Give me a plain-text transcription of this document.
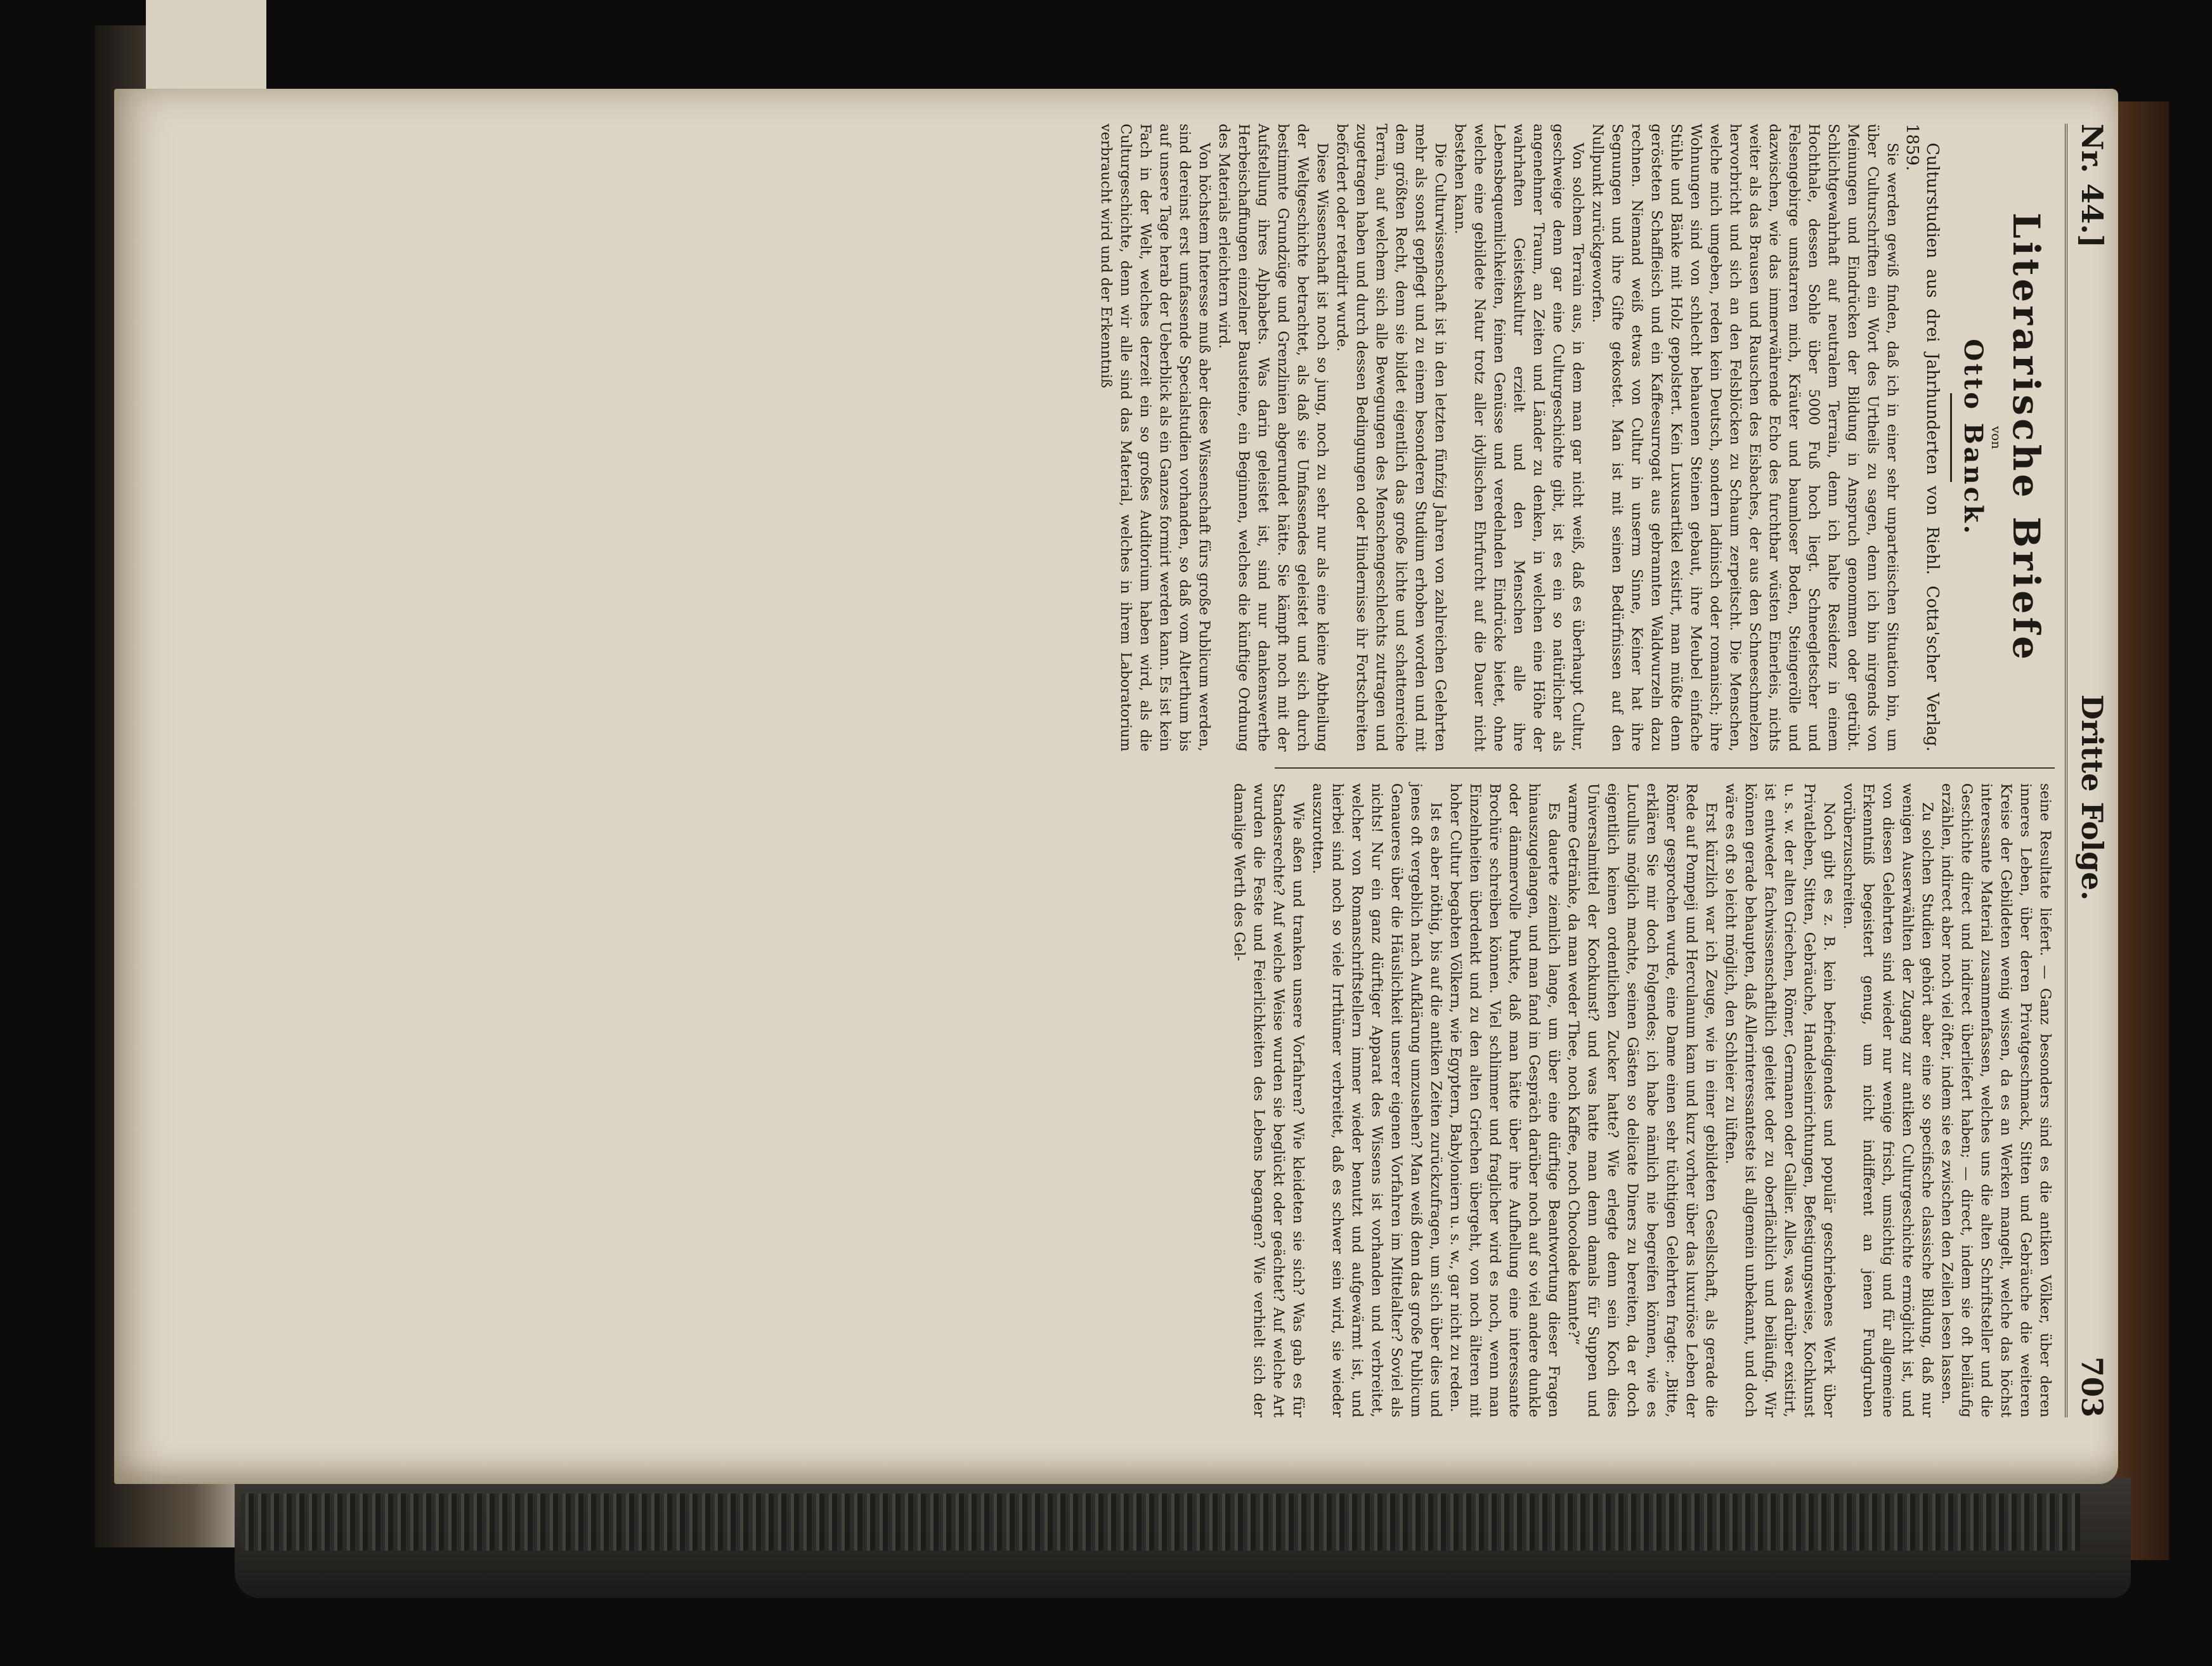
Nr. 44.]
Dritte Folge.
703
Literarische Briefe
von
Otto Banck.

Culturstudien aus drei Jahrhunderten von Riehl. Cotta'scher Verlag. 1859.

Sie werden gewiß finden, daß ich in einer sehr unparteiischen Situation bin, um über Culturschriften ein Wort des Urtheils zu sagen, denn ich bin nirgends von Meinungen und Eindrücken der Bildung in Anspruch genommen oder getrübt. Schlichtgewahrhaft auf neutralem Terrain, denn ich halte Residenz in einem Hochthale, dessen Sohle über 5000 Fuß hoch liegt. Schneegletscher und Felsengebirge umstarren mich, Kräuter und baumloser Boden, Steingerölle und dazwischen, wie das immerwährende Echo des furchtbar wüsten Einerleis, nichts weiter als das Brausen und Rauschen des Eisbaches, der aus den Schneeschmelzen hervorbricht und sich an den Felsblöcken zu Schaum zerpeitscht. Die Menschen, welche mich umgeben, reden kein Deutsch, sondern ladinisch oder romanisch; ihre Wohnungen sind von schlecht behauenen Steinen gebaut, ihre Meubel einfache Stühle und Bänke mit Holz gepolstert. Kein Luxusartikel existirt, man müßte denn gerösteten Schaffleisch und ein Kaffeesurrogat aus gebrannten Waldwurzeln dazu rechnen. Niemand weiß etwas von Cultur in unserm Sinne, Keiner hat ihre Segnungen und ihre Gifte gekostet. Man ist mit seinen Bedürfnissen auf den Nullpunkt zurückgeworfen.

Von solchem Terrain aus, in dem man gar nicht weiß, daß es überhaupt Cultur, geschweige denn gar eine Culturgeschichte gibt, ist es ein so natürlicher als angenehmer Traum, an Zeiten und Länder zu denken, in welchen eine Höhe der wahrhaften Geisteskultur erzielt und den Menschen alle ihre Lebensbequemlichkeiten, feinen Genüsse und veredelnden Eindrücke bietet, ohne welche eine gebildete Natur trotz aller idyllischen Ehrfurcht auf die Dauer nicht bestehen kann.

Die Culturwissenschaft ist in den letzten fünfzig Jahren von zahlreichen Gelehrten mehr als sonst gepflegt und zu einem besonderen Studium erhoben worden und mit dem größten Recht, denn sie bildet eigentlich das große lichte und schattenreiche Terrain, auf welchem sich alle Bewegungen des Menschengeschlechts zutragen und zugetragen haben und durch dessen Bedingungen oder Hindernisse ihr Fortschreiten befördert oder retardirt wurde.

Diese Wissenschaft ist noch so jung, noch zu sehr nur als eine kleine Abtheilung der Weltgeschichte betrachtet, als daß sie Umfassendes geleistet und sich durch bestimmte Grundzüge und Grenzlinien abgerundet hätte. Sie kämpft noch mit der Aufstellung ihres Alphabets. Was darin geleistet ist, sind nur dankenswerthe Herbeischaffungen einzelner Bausteine, ein Beginnen, welches die künftige Ordnung des Materials erleichtern wird.

Von höchstem Interesse muß aber diese Wissenschaft fürs große Publicum werden, sind dereinst erst umfassende Specialstudien vorhanden, so daß vom Alterthum bis auf unsere Tage herab der Ueberblick als ein Ganzes formirt werden kann. Es ist kein Fach in der Welt, welches derzeit ein so großes Auditorium haben wird, als die Culturgeschichte, denn wir alle sind das Material, welches in ihrem Laboratorium verbraucht wird und der Erkenntniß

seine Resultate liefert. — Ganz besonders sind es die antiken Völker, über deren inneres Leben, über deren Privatgeschmack, Sitten und Gebräuche die weiteren Kreise der Gebildeten wenig wissen, da es an Werken mangelt, welche das höchst interessante Material zusammenfassen, welches uns die alten Schriftsteller und die Geschichte direct und indirect überliefert haben; — direct, indem sie oft beiläufig erzählen, indirect aber noch viel öfter, indem sie es zwischen den Zeilen lesen lassen.

Zu solchen Studien gehört aber eine so specifische classische Bildung, daß nur wenigen Auserwählten der Zugang zur antiken Culturgeschichte ermöglicht ist, und von diesen Gelehrten sind wieder nur wenige frisch, umsichtig und für allgemeine Erkenntniß begeistert genug, um nicht indifferent an jenen Fundgruben vorüberzuschreiten.

Noch gibt es z. B. kein befriedigendes und populär geschriebenes Werk über Privatleben, Sitten, Gebräuche, Handelseinrichtungen, Befestigungsweise, Kochkunst u. s. w. der alten Griechen, Römer, Germanen oder Gallier. Alles, was darüber existirt, ist entweder fachwissenschaftlich geleitet oder zu oberflächlich und beiläufig. Wir können gerade behaupten, daß Allerinteressanteste ist allgemein unbekannt, und doch wäre es oft so leicht möglich, den Schleier zu lüften.

Erst kürzlich war ich Zeuge, wie in einer gebildeten Gesellschaft, als gerade die Rede auf Pompeji und Herculanum kam und kurz vorher über das luxuriöse Leben der Römer gesprochen wurde, eine Dame einen sehr tüchtigen Gelehrten fragte: „Bitte, erklären Sie mir doch Folgendes; ich habe nämlich nie begreifen können, wie es Lucullus möglich machte, seinen Gästen so delicate Diners zu bereiten, da er doch eigentlich keinen ordentlichen Zucker hatte? Wie erlegte denn sein Koch dies Universalmittel der Kochkunst? und was hatte man denn damals für Suppen und warme Getränke, da man weder Thee, noch Kaffee, noch Chocolade kannte?“

Es dauerte ziemlich lange, um über eine dürftige Beantwortung dieser Fragen hinauszugelangen, und man fand im Gespräch darüber noch auf so viel andere dunkle oder dämmervolle Punkte, daß man hätte über ihre Aufhellung eine interessante Brochüre schreiben können. Viel schlimmer und fraglicher wird es noch, wenn man Einzelnheiten überdenkt und zu den alten Griechen übergeht, von noch älteren mit hoher Cultur begabten Völkern, wie Egyptern, Babyloniern u. s. w., gar nicht zu reden.

Ist es aber nöthig, bis auf die antiken Zeiten zurückzufragen, um sich über dies und jenes oft vergeblich nach Aufklärung umzusehen? Man weiß denn das große Publicum Genaueres über die Häuslichkeit unserer eigenen Vorfahren im Mittelalter? Soviel als nichts! Nur ein ganz dürftiger Apparat des Wissens ist vorhanden und verbreitet, welcher von Romanschriftstellern immer wieder benutzt und aufgewärmt ist, und hierbei sind noch so viele Irrthümer verbreitet, daß es schwer sein wird, sie wieder auszurotten.

Wie aßen und tranken unsere Vorfahren? Wie kleideten sie sich? Was gab es für Standesrechte? Auf welche Weise wurden sie beglückt oder geächtet? Auf welche Art wurden die Feste und Feierlichkeiten des Lebens begangen? Wie verhielt sich der damalige Werth des Gel-
